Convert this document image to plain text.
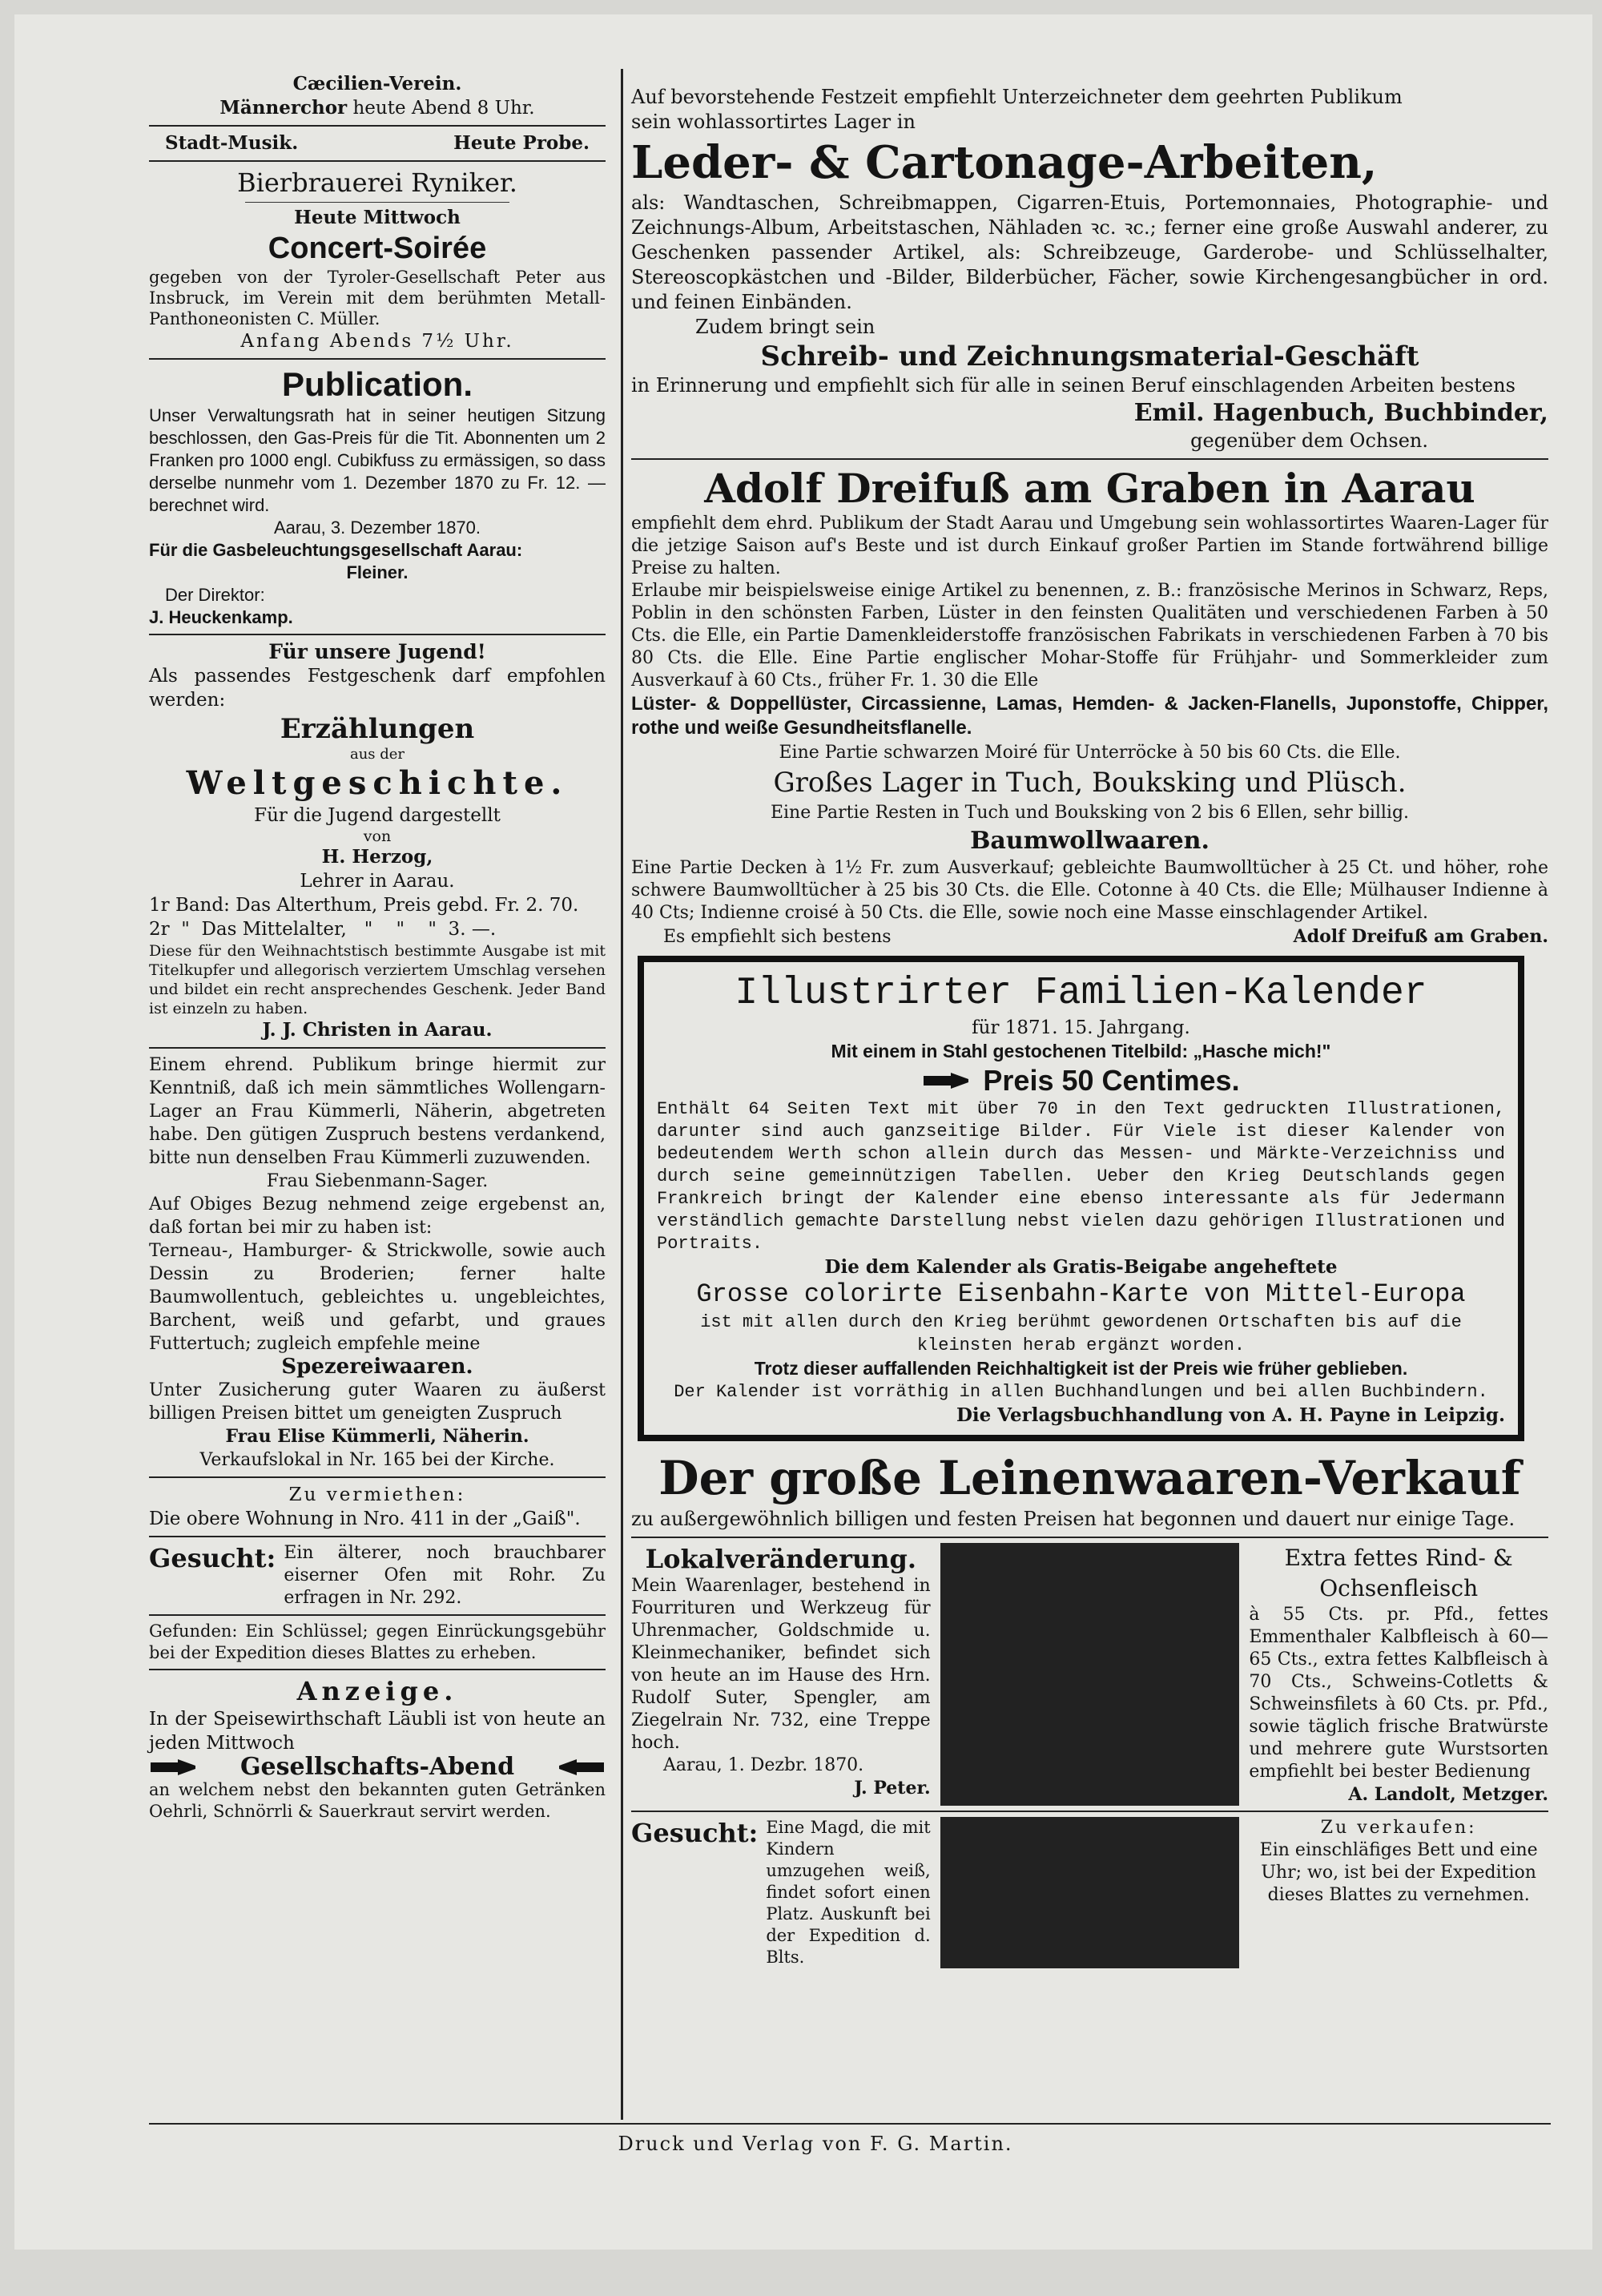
Cæcilien-Verein.

Männerchor heute Abend 8 Uhr.

Stadt-Musik.	Heute Probe.

Bierbrauerei Ryniker.

Heute Mittwoch

Concert-Soirée

gegeben von der Tyroler-Gesellschaft Peter aus Insbruck, im Verein mit dem berühmten Metall-Panthoneonisten C. Müller.

Anfang Abends 7½ Uhr.

Publication.

Unser Verwaltungsrath hat in seiner heutigen Sitzung beschlossen, den Gas-Preis für die Tit. Abonnenten um 2 Franken pro 1000 engl. Cubikfuss zu ermässigen, so dass derselbe nunmehr vom 1. Dezember 1870 zu Fr. 12. — berechnet wird.

Aarau, 3. Dezember 1870.

Für die Gasbeleuchtungsgesellschaft Aarau:

Fleiner.

Der Direktor:

J. Heuckenkamp.

Für unsere Jugend!

Als passendes Festgeschenk darf empfohlen werden:

Erzählungen

aus der

Weltgeschichte.

Für die Jugend dargestellt

von

H. Herzog,

Lehrer in Aarau.

1r Band: Das Alterthum, Preis gebd. Fr. 2. 70.

2r  "  Das Mittelalter,   "    "    "  3. —.

Diese für den Weihnachtstisch bestimmte Ausgabe ist mit Titelkupfer und allegorisch verziertem Umschlag versehen und bildet ein recht ansprechendes Geschenk. Jeder Band ist einzeln zu haben.

J. J. Christen in Aarau.

Einem ehrend. Publikum bringe hiermit zur Kenntniß, daß ich mein sämmtliches Wollengarn-Lager an Frau Kümmerli, Näherin, abgetreten habe. Den gütigen Zuspruch bestens verdankend, bitte nun denselben Frau Kümmerli zuzuwenden.

Frau Siebenmann-Sager.

Auf Obiges Bezug nehmend zeige ergebenst an, daß fortan bei mir zu haben ist:

Terneau-, Hamburger- & Strickwolle, sowie auch Dessin zu Broderien; ferner halte Baumwollentuch, gebleichtes u. ungebleichtes, Barchent, weiß und gefarbt, und graues Futtertuch; zugleich empfehle meine

Spezereiwaaren.

Unter Zusicherung guter Waaren zu äußerst billigen Preisen bittet um geneigten Zuspruch

Frau Elise Kümmerli, Näherin.

Verkaufslokal in Nr. 165 bei der Kirche.

Zu vermiethen:

Die obere Wohnung in Nro. 411 in der „Gaiß".

Gesucht: Ein älterer, noch brauchbarer eiserner Ofen mit Rohr. Zu erfragen in Nr. 292.

Gefunden: Ein Schlüssel; gegen Einrückungsgebühr bei der Expedition dieses Blattes zu erheben.

Anzeige.

In der Speisewirthschaft Läubli ist von heute an jeden Mittwoch

Gesellschafts-Abend

an welchem nebst den bekannten guten Getränken Oehrli, Schnörrli & Sauerkraut servirt werden.

Auf bevorstehende Festzeit empfiehlt Unterzeichneter dem geehrten Publikum

sein wohlassortirtes Lager in

Leder- & Cartonage-Arbeiten,

als: Wandtaschen, Schreibmappen, Cigarren-Etuis, Portemonnaies, Photographie- und Zeichnungs-Album, Arbeitstaschen, Nähladen ꝛc. ꝛc.; ferner eine große Auswahl anderer, zu Geschenken passender Artikel, als: Schreibzeuge, Garderobe- und Schlüsselhalter, Stereoscopkästchen und -Bilder, Bilderbücher, Fächer, sowie Kirchengesangbücher in ord. und feinen Einbänden.

Zudem bringt sein

Schreib- und Zeichnungsmaterial-Geschäft

in Erinnerung und empfiehlt sich für alle in seinen Beruf einschlagenden Arbeiten bestens

Emil. Hagenbuch, Buchbinder,

gegenüber dem Ochsen.

Adolf Dreifuß am Graben in Aarau

empfiehlt dem ehrd. Publikum der Stadt Aarau und Umgebung sein wohlassortirtes Waaren-Lager für die jetzige Saison auf's Beste und ist durch Einkauf großer Partien im Stande fortwährend billige Preise zu halten.

Erlaube mir beispielsweise einige Artikel zu benennen, z. B.: französische Merinos in Schwarz, Reps, Poblin in den schönsten Farben, Lüster in den feinsten Qualitäten und verschiedenen Farben à 50 Cts. die Elle, ein Partie Damenkleiderstoffe französischen Fabrikats in verschiedenen Farben à 70 bis 80 Cts. die Elle. Eine Partie englischer Mohar-Stoffe für Frühjahr- und Sommerkleider zum Ausverkauf à 60 Cts., früher Fr. 1. 30 die Elle

Lüster- & Doppellüster, Circassienne, Lamas, Hemden- & Jacken-Flanells, Juponstoffe, Chipper, rothe und weiße Gesundheitsflanelle.

Eine Partie schwarzen Moiré für Unterröcke à 50 bis 60 Cts. die Elle.

Großes Lager in Tuch, Bouksking und Plüsch.

Eine Partie Resten in Tuch und Bouksking von 2 bis 6 Ellen, sehr billig.

Baumwollwaaren.

Eine Partie Decken à 1½ Fr. zum Ausverkauf; gebleichte Baumwolltücher à 25 Ct. und höher, rohe schwere Baumwolltücher à 25 bis 30 Cts. die Elle. Cotonne à 40 Cts. die Elle; Mülhauser Indienne à 40 Cts; Indienne croisé à 50 Cts. die Elle, sowie noch eine Masse einschlagender Artikel.

Es empfiehlt sich bestens	Adolf Dreifuß am Graben.

Illustrirter Familien-Kalender

für 1871. 15. Jahrgang.

Mit einem in Stahl gestochenen Titelbild: „Hasche mich!"

Preis 50 Centimes.

Enthält 64 Seiten Text mit über 70 in den Text gedruckten Illustrationen, darunter sind auch ganzseitige Bilder. Für Viele ist dieser Kalender von bedeutendem Werth schon allein durch das Messen- und Märkte-Verzeichniss und durch seine gemeinnützigen Tabellen. Ueber den Krieg Deutschlands gegen Frankreich bringt der Kalender eine ebenso interessante als für Jedermann verständlich gemachte Darstellung nebst vielen dazu gehörigen Illustrationen und Portraits.

Die dem Kalender als Gratis-Beigabe angeheftete

Grosse colorirte Eisenbahn-Karte von Mittel-Europa

ist mit allen durch den Krieg berühmt gewordenen Ortschaften bis auf die kleinsten herab ergänzt worden.

Trotz dieser auffallenden Reichhaltigkeit ist der Preis wie früher geblieben.

Der Kalender ist vorräthig in allen Buchhandlungen und bei allen Buchbindern.

Die Verlagsbuchhandlung von A. H. Payne in Leipzig.

Der große Leinenwaaren-Verkauf

zu außergewöhnlich billigen und festen Preisen hat begonnen und dauert nur einige Tage.

Lokalveränderung.

Mein Waarenlager, bestehend in Fourrituren und Werkzeug für Uhrenmacher, Goldschmide u. Kleinmechaniker, befindet sich von heute an im Hause des Hrn. Rudolf Suter, Spengler, am Ziegelrain Nr. 732, eine Treppe hoch.

Aarau, 1. Dezbr. 1870.

J. Peter.

Extra fettes Rind- & Ochsenfleisch

à 55 Cts. pr. Pfd., fettes Emmenthaler Kalbfleisch à 60—65 Cts., extra fettes Kalbfleisch à 70 Cts., Schweins-Cotletts & Schweinsfilets à 60 Cts. pr. Pfd., sowie täglich frische Bratwürste und mehrere gute Wurstsorten empfiehlt bei bester Bedienung

A. Landolt, Metzger.

Gesucht: Eine Magd, die mit Kindern umzugehen weiß, findet sofort einen Platz. Auskunft bei der Expedition d. Blts.

Zu verkaufen:

Ein einschläfiges Bett und eine Uhr; wo, ist bei der Expedition dieses Blattes zu vernehmen.

Druck und Verlag von F. G. Martin.
